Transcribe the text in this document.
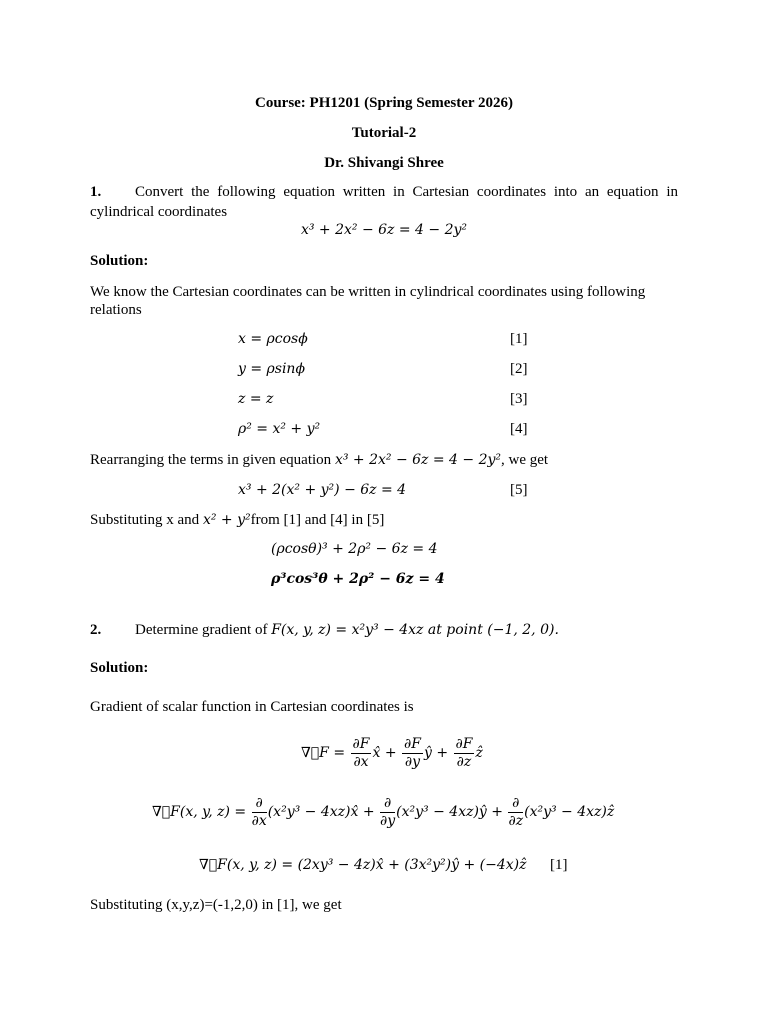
Course: PH1201 (Spring Semester 2026)
Tutorial-2
Dr. Shivangi Shree
1. Convert the following equation written in Cartesian coordinates into an equation in
cylindrical coordinates
x³ + 2x² − 6z = 4 − 2y²
Solution:
We know the Cartesian coordinates can be written in cylindrical coordinates using following
relations
x = ρcosϕ	[1]
y = ρsinϕ	[2]
z = z	[3]
ρ² = x² + y²	[4]
Rearranging the terms in given equation x³ + 2x² − 6z = 4 − 2y², we get
x³ + 2(x² + y²) − 6z = 4	[5]
Substituting x and x² + y²from [1] and [4] in [5]
(ρcosθ)³ + 2ρ² − 6z = 4
ρ³cos³θ + 2ρ² − 6z = 4
2. Determine gradient of F(x, y, z) = x²y³ − 4xz at point (−1, 2, 0).
Solution:
Gradient of scalar function in Cartesian coordinates is
∇⃗F = $\frac{\partial F}{\partial x}$ x̂ + $\frac{\partial F}{\partial y}$ ŷ + $\frac{\partial F}{\partial z}$ ẑ
∇⃗F(x, y, $z) = \frac{\partial}{\partial x} (x^2y^3$ − 4xz)x̂ + $\frac{\partial}{\partial y} (x^2y^3$ − 4xz)ŷ + $\frac{\partial}{\partial z} (x^2y^3$ − 4xz)ẑ
∇⃗F(x, y, z) = (2xy³ − 4z)x̂ + (3x²y²)ŷ + (−4x)ẑ [1]
Substituting (x,y,z)=(-1,2,0) in [1], we get
